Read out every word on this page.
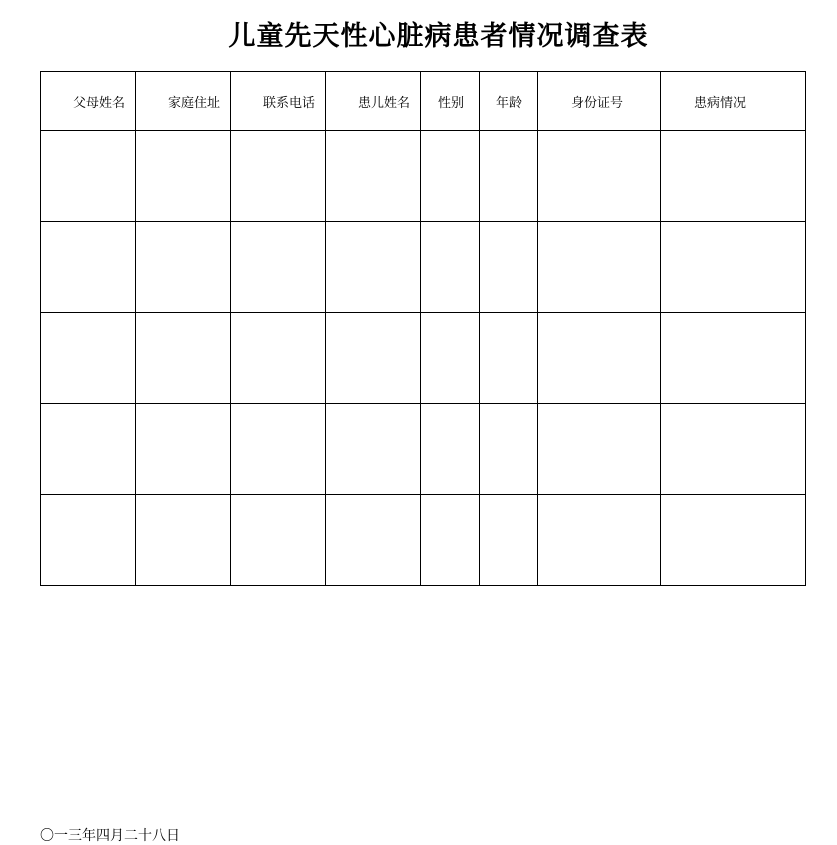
儿童先天性心脏病患者情况调查表
父母姓名	家庭住址	联系电话	患儿姓名	性别	年龄	身份证号	患病情况

〇一三年四月二十八日
